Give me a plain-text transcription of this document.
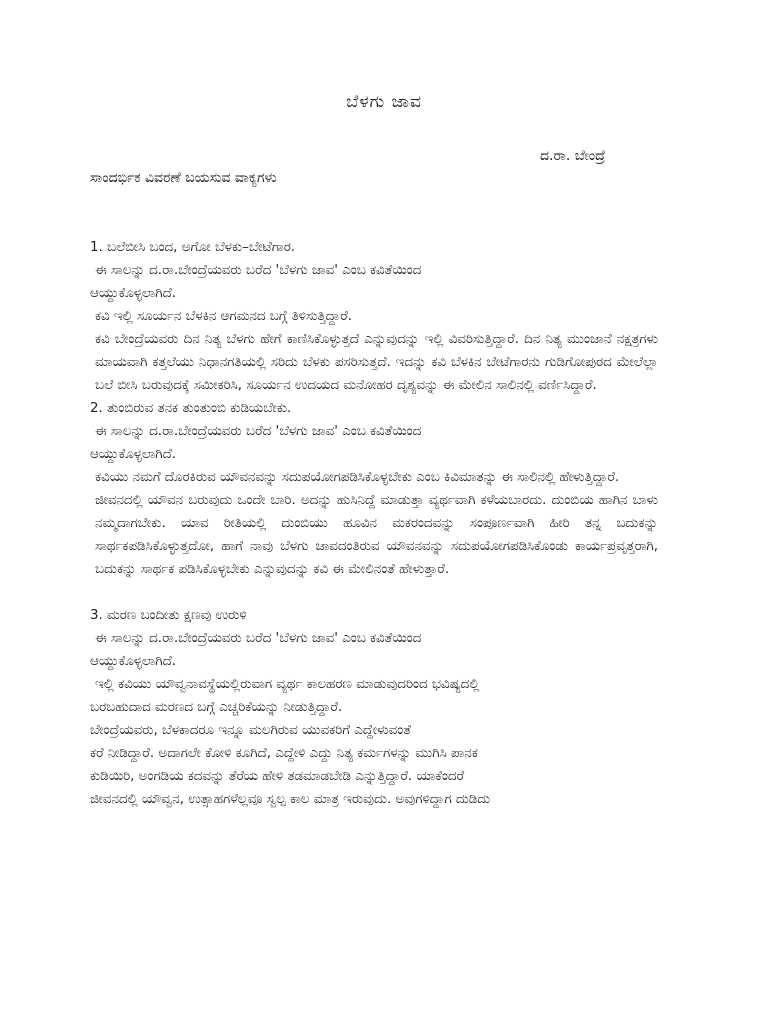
ಬೆಳಗು ಜಾವ
ದ.ರಾ. ಬೇಂದ್ರೆ
ಸಾಂದರ್ಭಿಕ ವಿವರಣೆ ಬಯಸುವ ವಾಕ್ಯಗಳು

1. ಬಲೆಬೀಸಿ ಬಂದ, ಅಗೋ ಬೆಳಕು–ಬೇಟೆಗಾರ.

ಈ ಸಾಲನ್ನು ದ.ರಾ.ಬೇಂದ್ರೆಯವರು ಬರೆದ 'ಬೆಳಗು ಜಾವ' ಎಂಬ ಕವಿತೆಯಿಂದ

ಆಯ್ದುಕೊಳ್ಳಲಾಗಿದೆ.

ಕವಿ ಇಲ್ಲಿ ಸೂರ್ಯನ ಬೆಳಕಿನ ಆಗಮನದ ಬಗ್ಗೆ ತಿಳಿಸುತ್ತಿದ್ದಾರೆ.

ಕವಿ ಬೇಂದ್ರೆಯವರು ದಿನ ನಿತ್ಯ ಬೆಳಗು ಹೇಗೆ ಕಾಣಿಸಿಕೊಳ್ಳುತ್ತದೆ ಎನ್ನುವುದನ್ನು ಇಲ್ಲಿ ವಿವರಿಸುತ್ತಿದ್ದಾರೆ. ದಿನ ನಿತ್ಯ ಮುಂಜಾನೆ ನಕ್ಷತ್ರಗಳು ಮಾಯವಾಗಿ ಕತ್ತಲೆಯು ನಿಧಾನಗತಿಯಲ್ಲಿ ಸರಿದು ಬೆಳಕು ಪಸರಿಸುತ್ತದೆ. ಇದನ್ನು ಕವಿ ಬೆಳಕಿನ ಬೇಟೆಗಾರನು ಗುಡಿಗೋಪುರದ ಮೇಲೆಲ್ಲಾ ಬಲೆ ಬೀಸಿ ಬರುವುದಕ್ಕೆ ಸಮೀಕರಿಸಿ, ಸೂರ್ಯನ ಉದಯದ ಮನೋಹರ ದೃಶ್ಯವನ್ನು ಈ ಮೇಲಿನ ಸಾಲಿನಲ್ಲಿ ವರ್ಣಿಸಿದ್ದಾರೆ.

2. ತುಂಬಿರುವ ತನಕ ತುಂತುಂಬಿ ಕುಡಿಯಬೇಕು.

ಈ ಸಾಲನ್ನು ದ.ರಾ.ಬೇಂದ್ರೆಯವರು ಬರೆದ 'ಬೆಳಗು ಜಾವ' ಎಂಬ ಕವಿತೆಯಿಂದ

ಆಯ್ದುಕೊಳ್ಳಲಾಗಿದೆ.

ಕವಿಯು ನಮಗೆ ದೊರಕಿರುವ ಯೌವನವನ್ನು ಸದುಪಯೋಗಪಡಿಸಿಕೊಳ್ಳಬೇಕು ಎಂಬ ಕಿವಿಮಾತನ್ನು ಈ ಸಾಲಿನಲ್ಲಿ ಹೇಳುತ್ತಿದ್ದಾರೆ.

ಜೀವನದಲ್ಲಿ ಯೌವನ ಬರುವುದು ಒಂದೇ ಬಾರಿ. ಅದನ್ನು ಹುಸಿನಿದ್ದೆ ಮಾಡುತ್ತಾ ವ್ಯರ್ಥವಾಗಿ ಕಳೆಯಬಾರದು. ದುಂಬಿಯ ಹಾಗಿನ ಬಾಳು ನಮ್ಮದಾಗಬೇಕು. ಯಾವ ರೀತಿಯಲ್ಲಿ ದುಂಬಿಯು ಹೂವಿನ ಮಕರಂದವನ್ನು ಸಂಪೂರ್ಣವಾಗಿ ಹೀರಿ ತನ್ನ ಬದುಕನ್ನು ಸಾರ್ಥಕಪಡಿಸಿಕೊಳ್ಳುತ್ತದೋ, ಹಾಗೆ ನಾವು ಬೆಳಗು ಜಾವದಂತಿರುವ ಯೌವನವನ್ನು ಸದುಪಯೋಗಪಡಿಸಿಕೊಂಡು ಕಾರ್ಯಪ್ರವೃತ್ತರಾಗಿ, ಬದುಕನ್ನು ಸಾರ್ಥಕ ಪಡಿಸಿಕೊಳ್ಳಬೇಕು ಎನ್ನುವುದನ್ನು ಕವಿ ಈ ಮೇಲಿನಂತೆ ಹೇಳುತ್ತಾರೆ.

3. ಮರಣ ಬಂದೀತು ಕ್ಷಣವು ಉರುಳಿ

ಈ ಸಾಲನ್ನು ದ.ರಾ.ಬೇಂದ್ರೆಯವರು ಬರೆದ 'ಬೆಳಗು ಜಾವ' ಎಂಬ ಕವಿತೆಯಿಂದ

ಆಯ್ದುಕೊಳ್ಳಲಾಗಿದೆ.

ಇಲ್ಲಿ ಕವಿಯು ಯೌವ್ವನಾವಸ್ಥೆಯಲ್ಲಿರುವಾಗ ವ್ಯರ್ಥ ಕಾಲಹರಣ ಮಾಡುವುದರಿಂದ ಭವಿಷ್ಯದಲ್ಲಿ

ಬರಬಹುದಾದ ಮರಣದ ಬಗ್ಗೆ ಎಚ್ಚರಿಕೆಯನ್ನು ನೀಡುತ್ತಿದ್ದಾರೆ.

ಬೇಂದ್ರೆಯವರು, ಬೆಳಕಾದರೂ ಇನ್ನೂ ಮಲಗಿರುವ ಯುವಕರಿಗೆ ಎದ್ದೇಳುವಂತೆ

ಕರೆ ನೀಡಿದ್ದಾರೆ. ಅದಾಗಲೇ ಕೋಳಿ ಕೂಗಿದೆ, ಎದ್ದೇಳಿ ಎದ್ದು ನಿತ್ಯ ಕರ್ಮಗಳನ್ನು ಮುಗಿಸಿ ಪಾನಕ

ಕುಡಿಯಿರಿ, ಅಂಗಡಿಯ ಕದವನ್ನು ತೆರೆಯ ಹೇಳಿ ತಡಮಾಡಬೇಡಿ ಎನ್ನುತ್ತಿದ್ದಾರೆ. ಯಾಕೆಂದರೆ

ಜೀವನದಲ್ಲಿ ಯೌವ್ವನ, ಉತ್ಸಾಹಗಳೆಲ್ಲವೂ ಸ್ವಲ್ಪ ಕಾಲ ಮಾತ್ರ ಇರುವುದು. ಅವುಗಳಿದ್ದಾಗ ದುಡಿದು
